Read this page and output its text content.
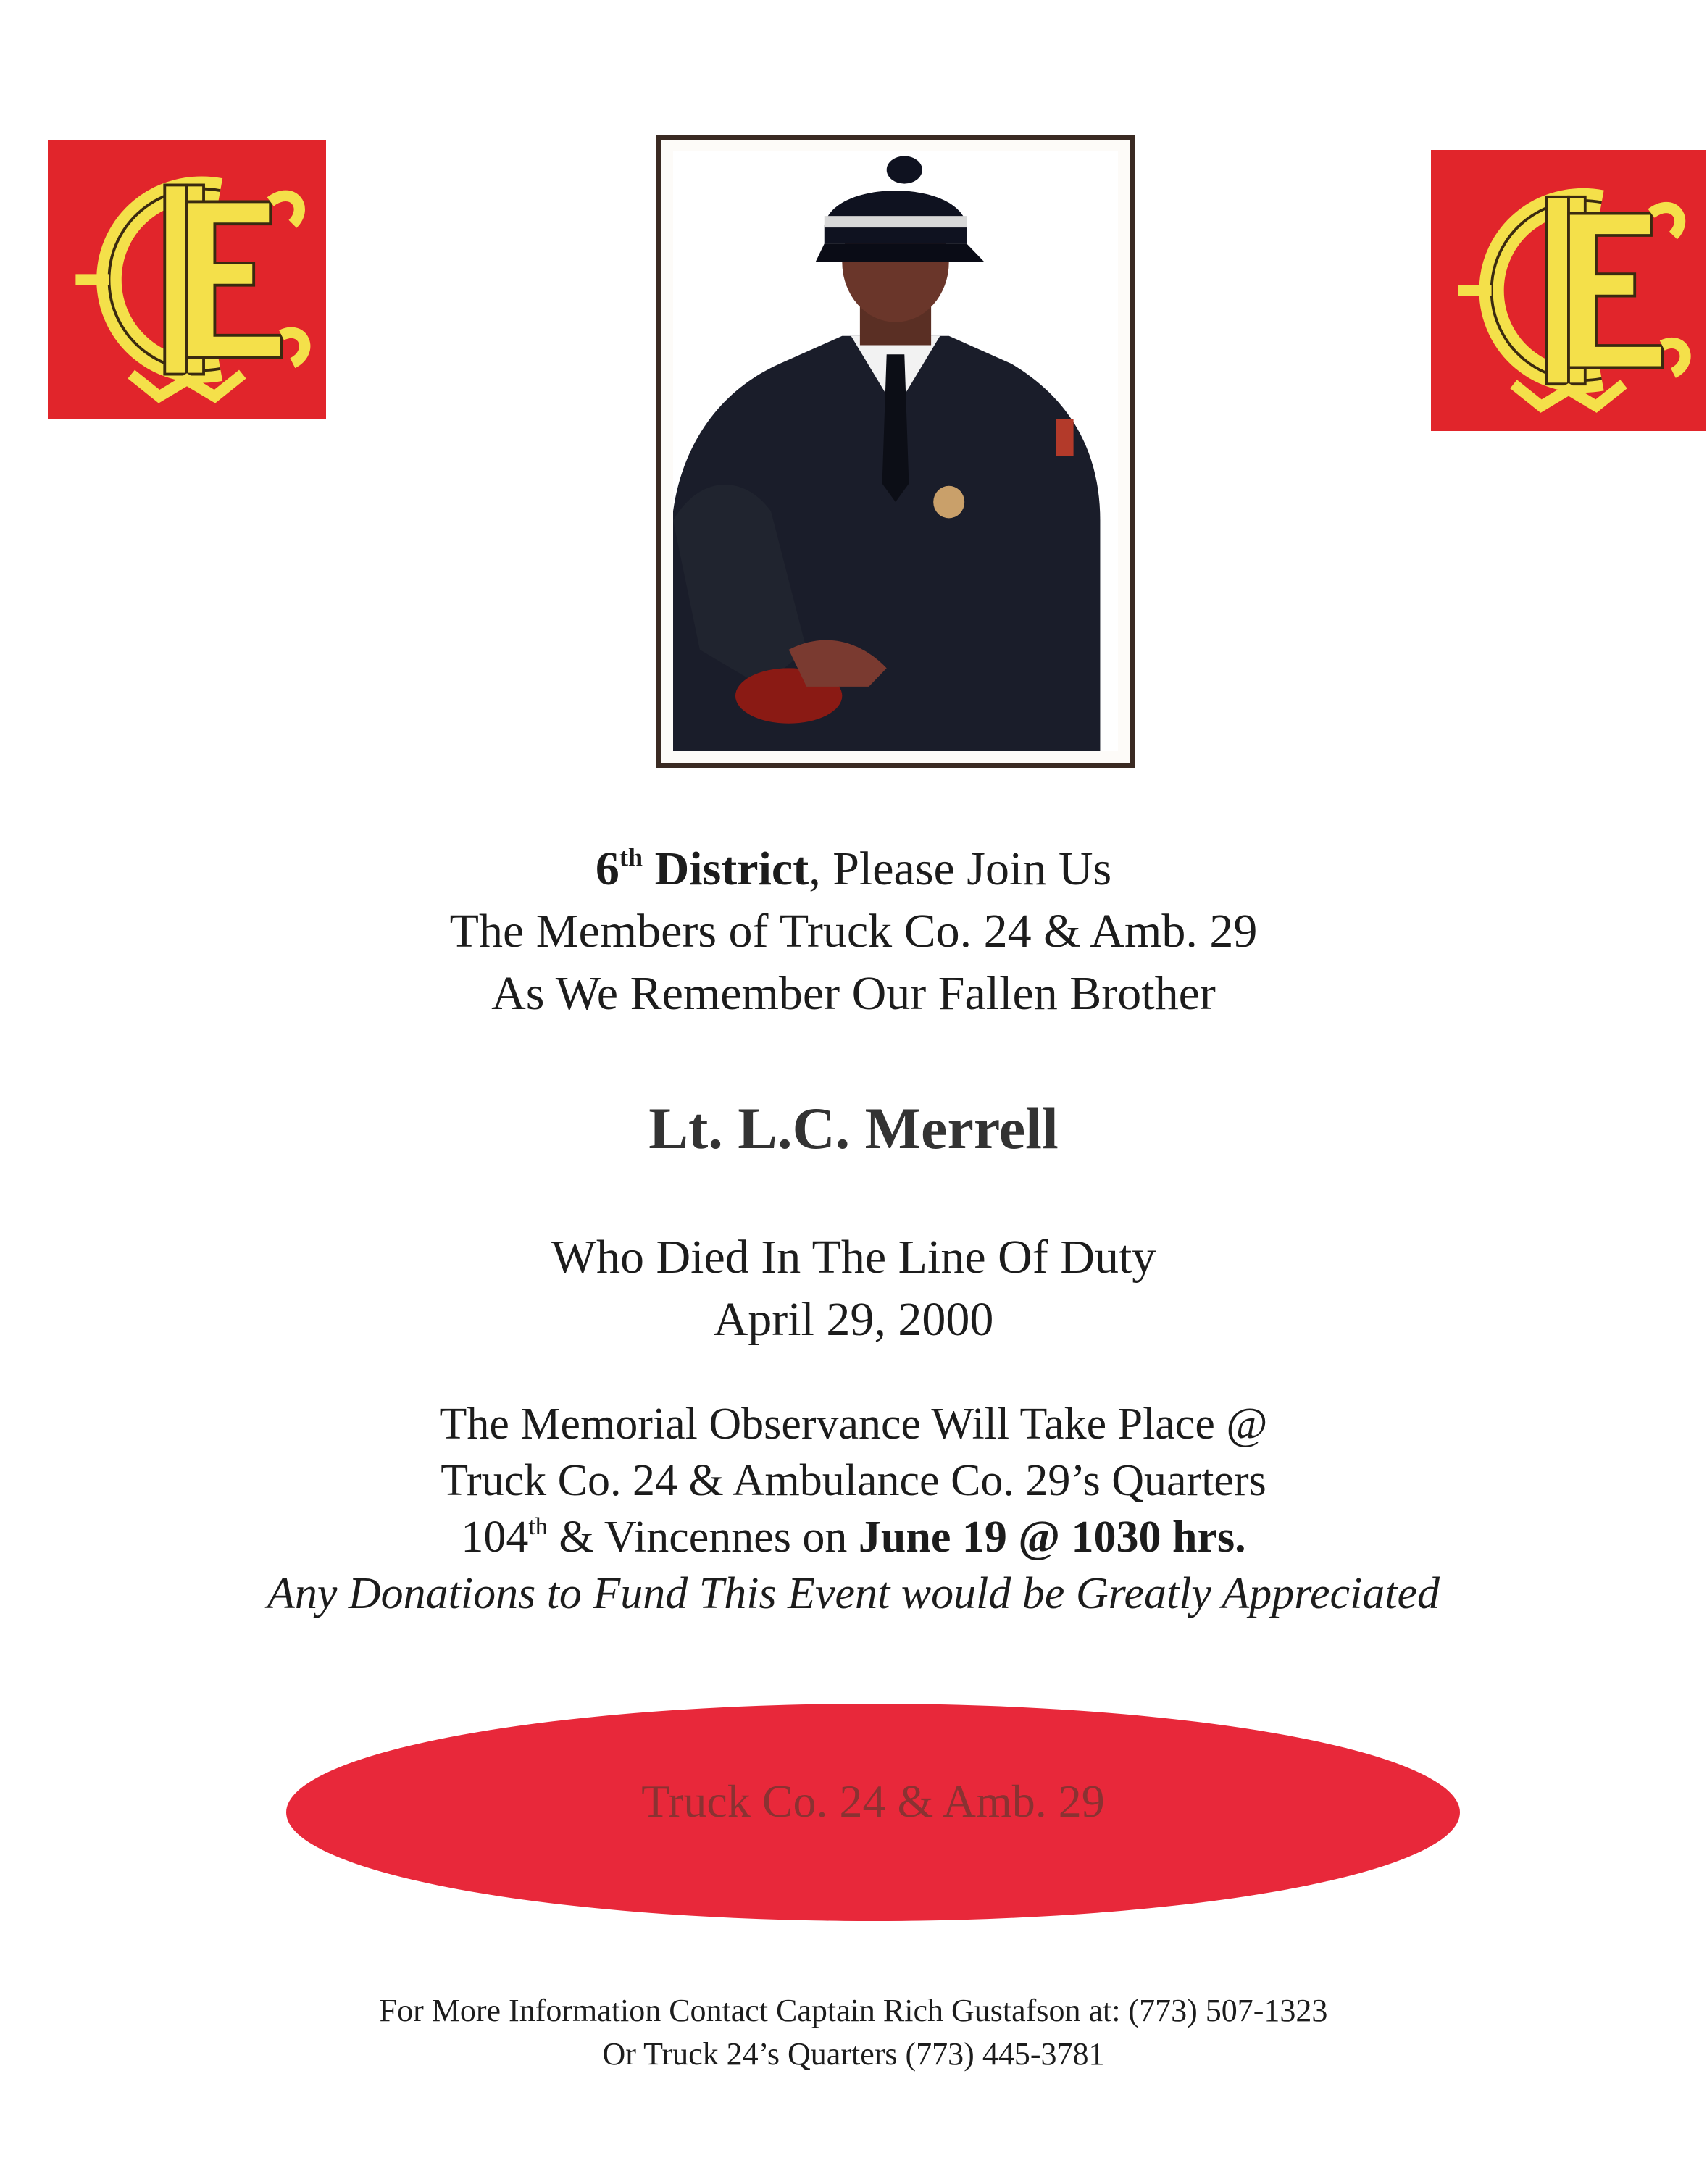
6th District, Please Join Us
The Members of Truck Co. 24 & Amb. 29
As We Remember Our Fallen Brother
Lt. L.C. Merrell
Who Died In The Line Of Duty
April 29, 2000
The Memorial Observance Will Take Place @
Truck Co. 24 & Ambulance Co. 29’s Quarters
104th & Vincennes on June 19 @ 1030 hrs.
Any Donations to Fund This Event would be Greatly Appreciated
Truck Co. 24 & Amb. 29
For More Information Contact Captain Rich Gustafson at: (773) 507-1323
Or Truck 24’s Quarters (773) 445-3781
